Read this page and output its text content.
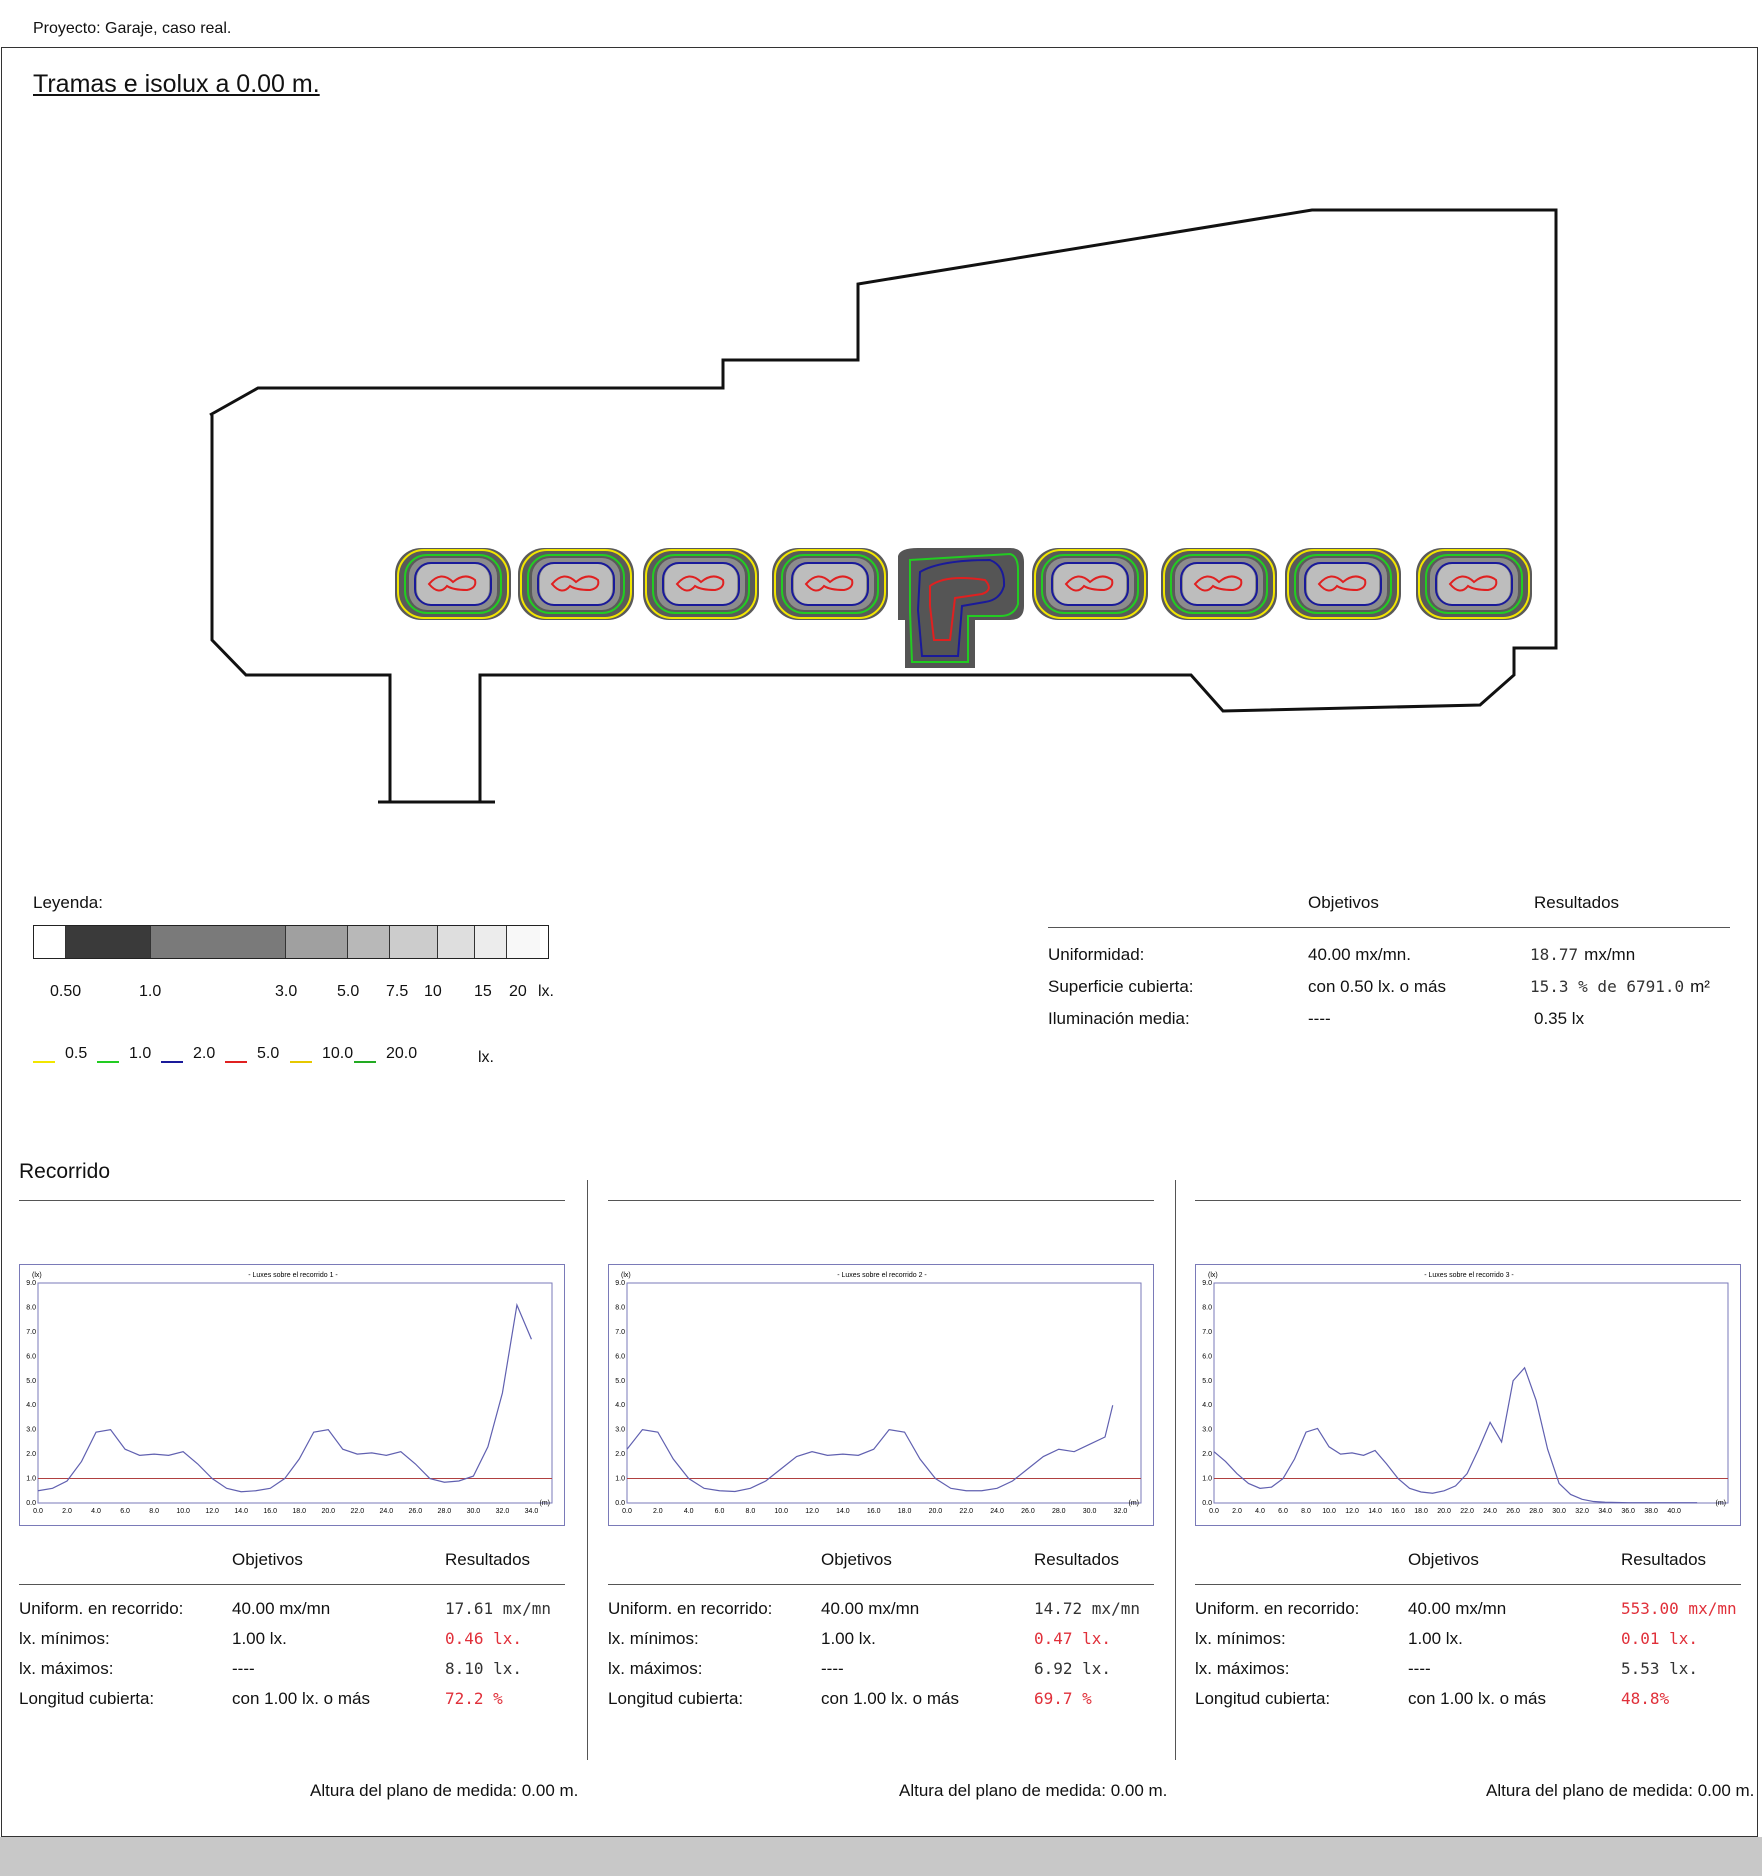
Proyecto: Garaje, caso real.
Tramas e isolux a 0.00 m.
Leyenda:
0.50	1.0	3.0 5.0 7.5 10 15 20 lx.
0.5	1.0	2.0	5.0	10.0 20.0	lx.
Objetivos	Resultados
Uniformidad:	40.00 mx/mn.	18.77 mx/mn
Superficie cubierta:	con 0.50 lx. o más	15.3 % de 6791.0 m²
Iluminación media:	----	0.35 lx
Recorrido
- Luxes sobre el recorrido 1 -
(lx)
(m)
0.0
1.0
2.0
3.0
4.0
5.0
6.0
7.0
8.0
9.0
0.0	2.0	4.0	6.0	8.0 10.0 12.0 14.0 16.0 18.0 20.0 22.0 24.0 26.0 28.0 30.0 32.0 34.0
Objetivos	Resultados
Uniform. en recorrido:	40.00 mx/mn	17.61 mx/mn
lx. mínimos:	1.00 lx.	0.46 lx.
lx. máximos:	----	8.10 lx.
Longitud cubierta:	con 1.00 lx. o más	72.2 %
Altura del plano de medida: 0.00 m.
- Luxes sobre el recorrido 2 -
(lx)
(m)
0.0
1.0
2.0
3.0
4.0
5.0
6.0
7.0
8.0
9.0
0.0	2.0	4.0	6.0	8.0	10.0 12.0 14.0 16.0 18.0 20.0 22.0 24.0 26.0 28.0 30.0 32.0
Objetivos	Resultados
Uniform. en recorrido:	40.00 mx/mn	14.72 mx/mn
lx. mínimos:	1.00 lx.	0.47 lx.
lx. máximos:	----	6.92 lx.
Longitud cubierta:	con 1.00 lx. o más	69.7 %
Altura del plano de medida: 0.00 m.
- Luxes sobre el recorrido 3 -
(lx)
(m)
0.0
1.0
2.0
3.0
4.0
5.0
6.0
7.0
8.0
9.0
0.0 2.0 4.0 6.0 8.0 10.0 12.0 14.0 16.0 18.0 20.0 22.0 24.0 26.0 28.0 30.0 32.0 34.0 36.0 38.0 40.0
Objetivos	Resultados
Uniform. en recorrido:	40.00 mx/mn	553.00 mx/mn
lx. mínimos:	1.00 lx.	0.01 lx.
lx. máximos:	----	5.53 lx.
Longitud cubierta:	con 1.00 lx. o más	48.8%
Altura del plano de medida: 0.00 m.
